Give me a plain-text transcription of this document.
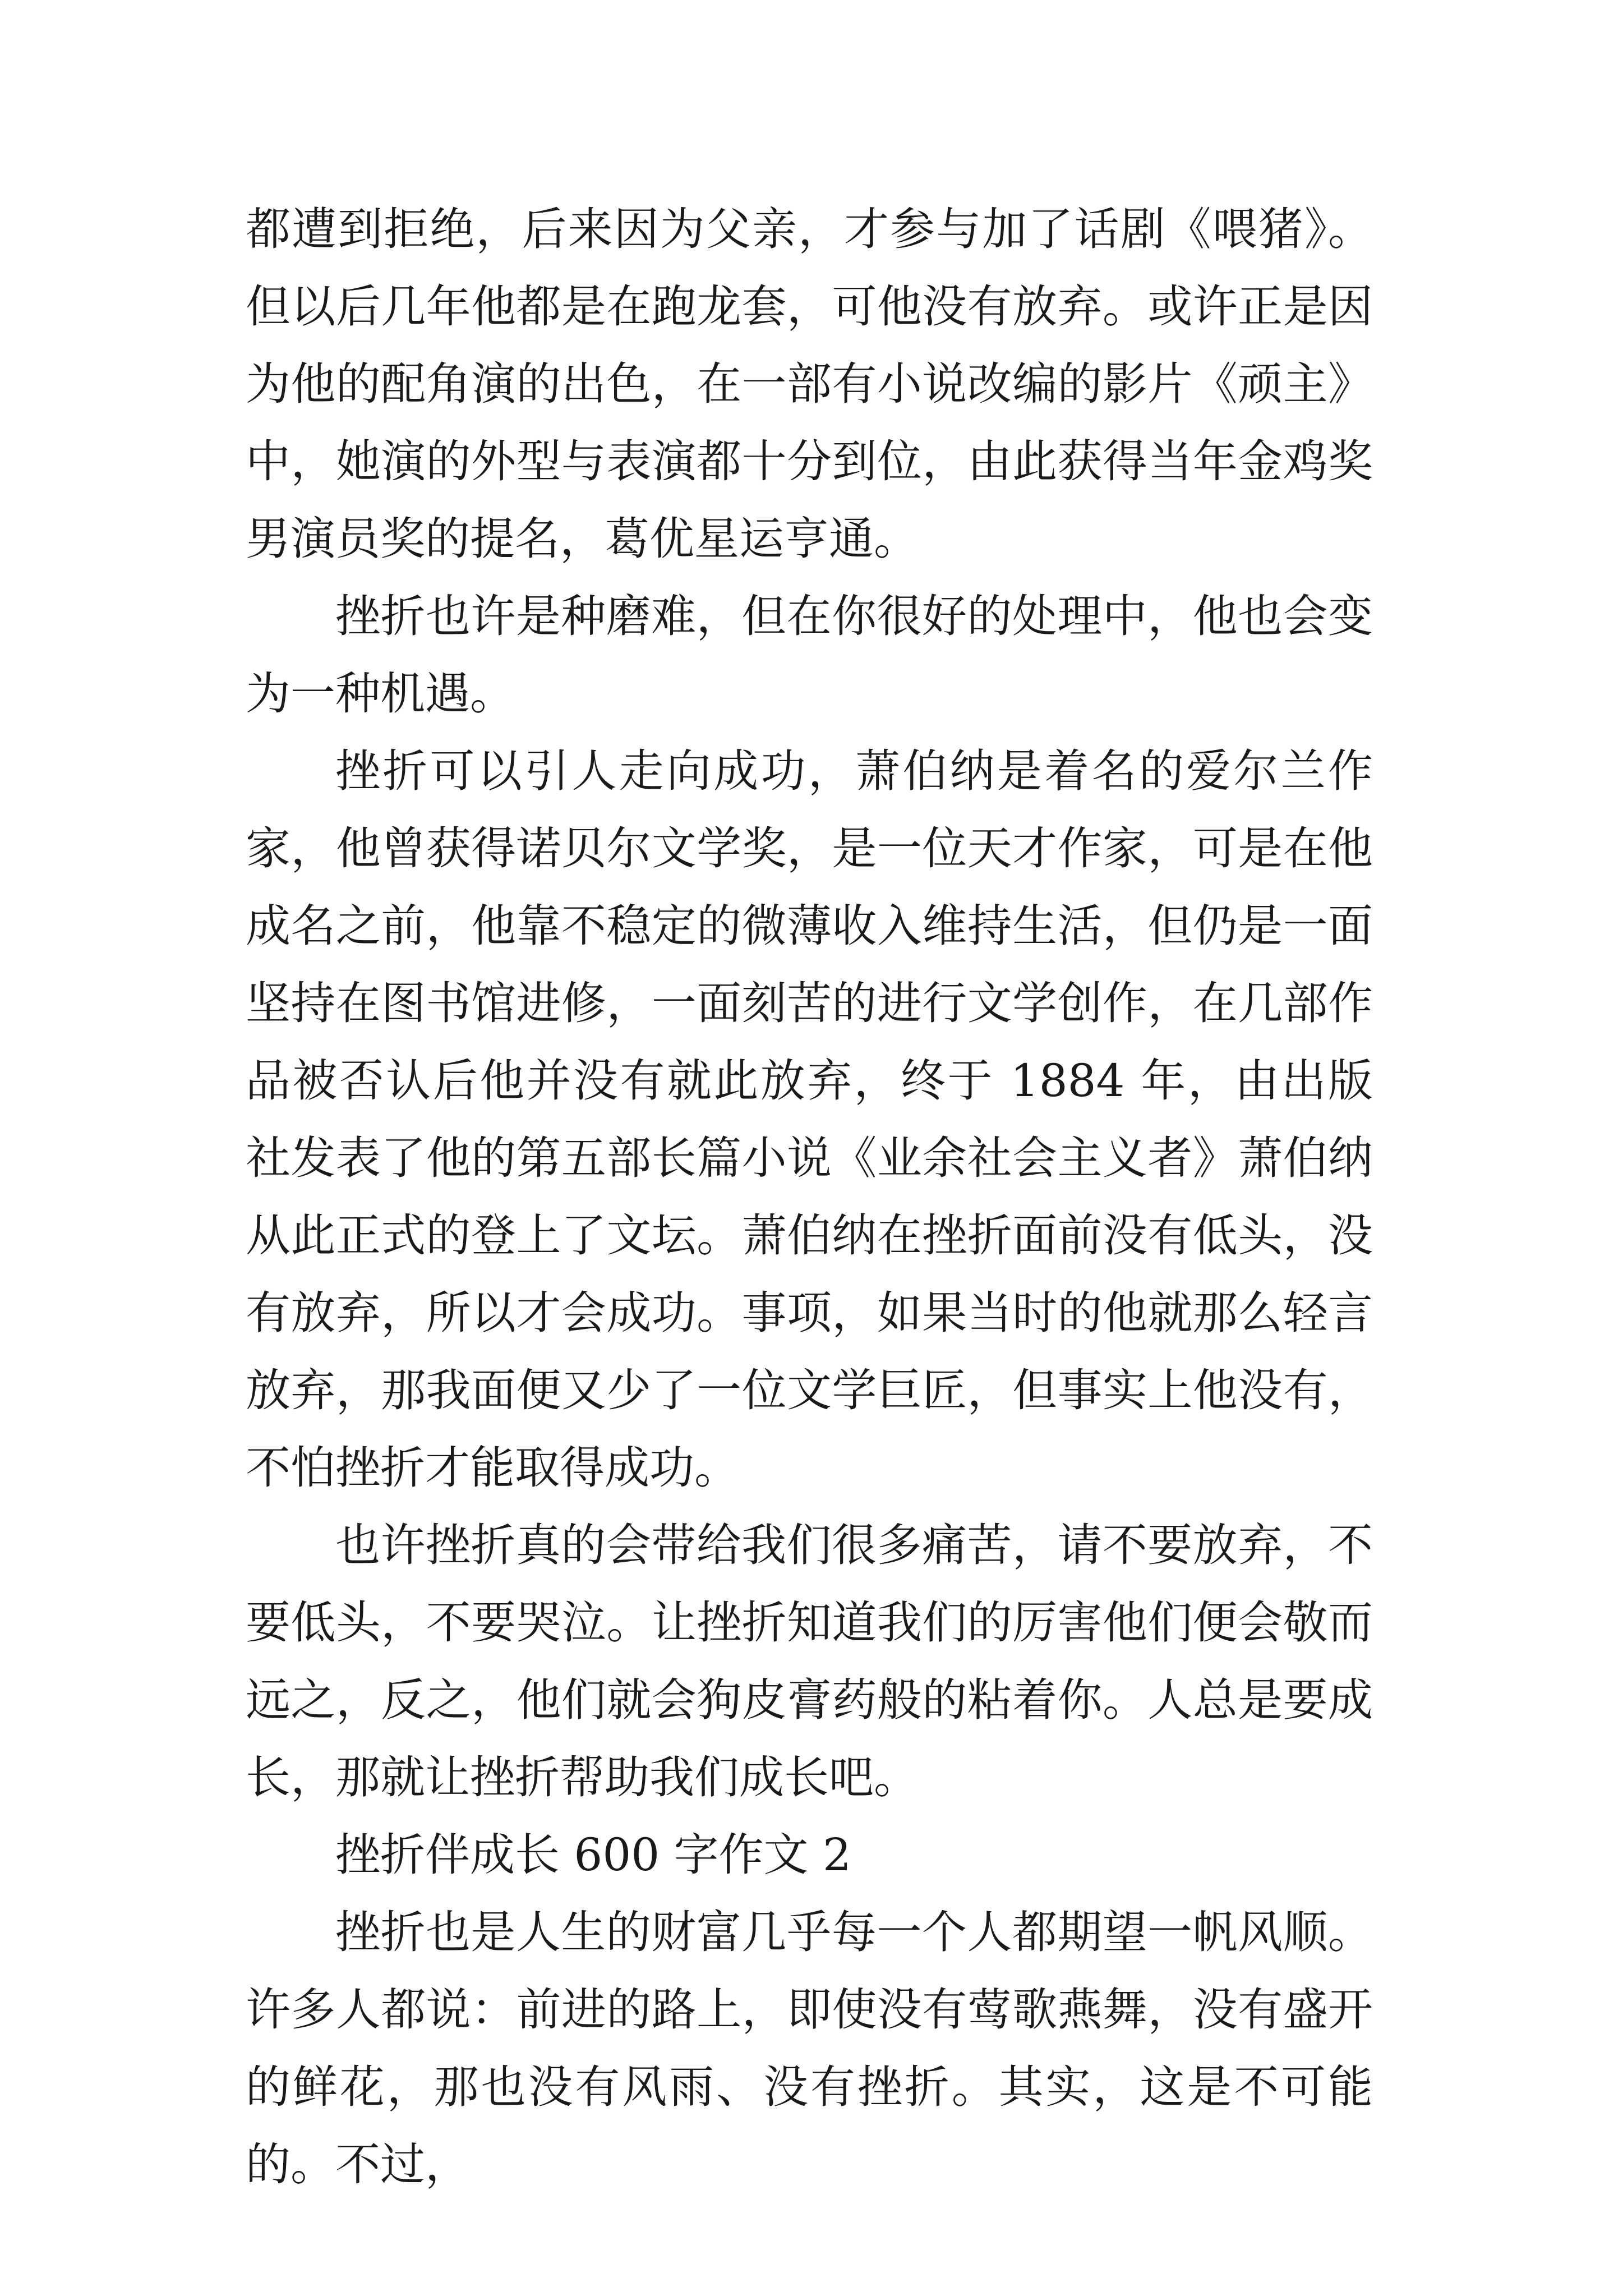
都遭到拒绝，后来因为父亲，才参与加了话剧《喂猪》。但以后几年他都是在跑龙套，可他没有放弃。或许正是因为他的配角演的出色，在一部有小说改编的影片《顽主》中，她演的外型与表演都十分到位，由此获得当年金鸡奖男演员奖的提名，葛优星运亨通。

挫折也许是种磨难，但在你很好的处理中，他也会变为一种机遇。

挫折可以引人走向成功，萧伯纳是着名的爱尔兰作家，他曾获得诺贝尔文学奖，是一位天才作家，可是在他成名之前，他靠不稳定的微薄收入维持生活，但仍是一面坚持在图书馆进修，一面刻苦的进行文学创作，在几部作品被否认后他并没有就此放弃，终于 1884 年，由出版社发表了他的第五部长篇小说《业余社会主义者》萧伯纳从此正式的登上了文坛。萧伯纳在挫折面前没有低头，没有放弃，所以才会成功。事项，如果当时的他就那么轻言放弃，那我面便又少了一位文学巨匠，但事实上他没有，不怕挫折才能取得成功。

也许挫折真的会带给我们很多痛苦，请不要放弃，不要低头，不要哭泣。让挫折知道我们的厉害他们便会敬而远之，反之，他们就会狗皮膏药般的粘着你。人总是要成长，那就让挫折帮助我们成长吧。

挫折伴成长 600 字作文 2

挫折也是人生的财富几乎每一个人都期望一帆风顺。许多人都说：前进的路上，即使没有莺歌燕舞，没有盛开的鲜花，那也没有风雨、没有挫折。其实，这是不可能的。不过，
